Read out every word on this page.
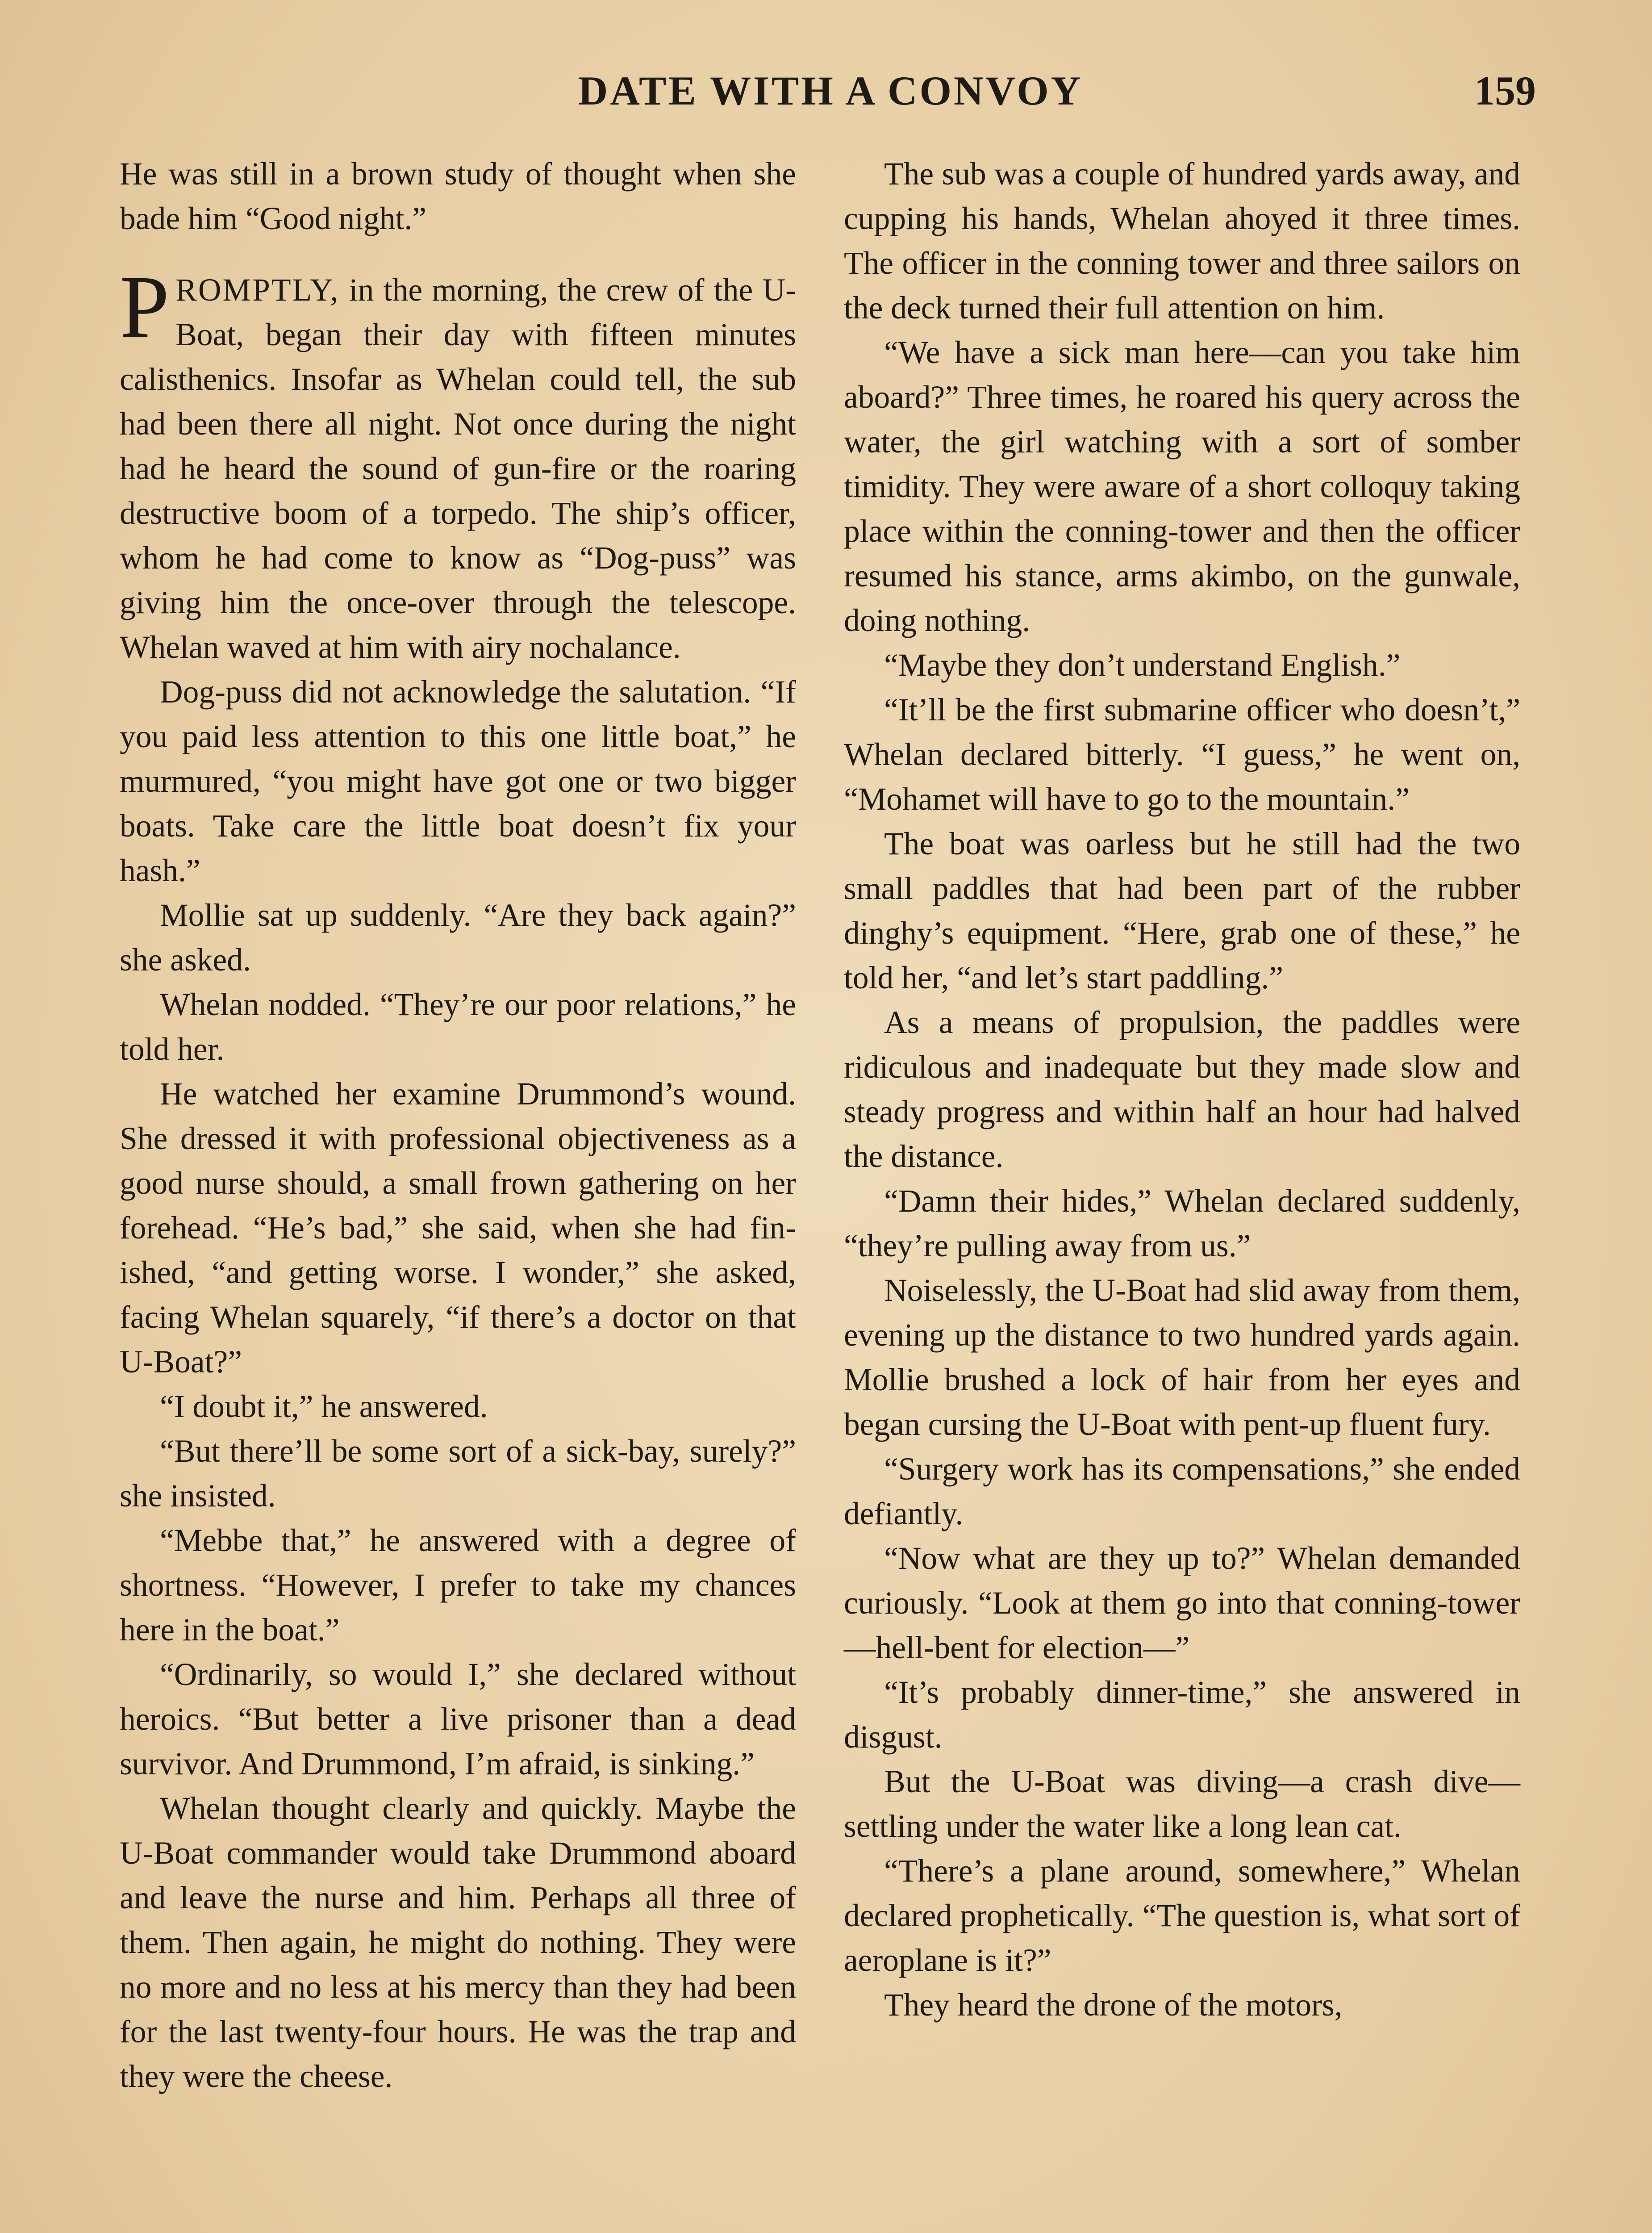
DATE WITH A CONVOY	159

He was still in a brown study of thought when she bade him “Good night.”

PROMPTLY, in the morning, the crew of the U-Boat, began their day with fifteen minutes calisthenics. Insofar as Whelan could tell, the sub had been there all night. Not once during the night had he heard the sound of gun-fire or the roaring destructive boom of a torpedo. The ship’s officer, whom he had come to know as “Dog-puss” was giving him the once-over through the telescope. Whelan waved at him with airy nochalance.

Dog-puss did not acknowledge the salutation. “If you paid less attention to this one little boat,” he murmured, “you might have got one or two bigger boats. Take care the little boat doesn’t fix your hash.”

Mollie sat up suddenly. “Are they back again?” she asked.

Whelan nodded. “They’re our poor relations,” he told her.

He watched her examine Drummond’s wound. She dressed it with professional objectiveness as a good nurse should, a small frown gathering on her forehead. “He’s bad,” she said, when she had finished, “and getting worse. I wonder,” she asked, facing Whelan squarely, “if there’s a doctor on that U-Boat?”

“I doubt it,” he answered.

“But there’ll be some sort of a sick-bay, surely?” she insisted.

“Mebbe that,” he answered with a degree of shortness. “However, I prefer to take my chances here in the boat.”

“Ordinarily, so would I,” she declared without heroics. “But better a live prisoner than a dead survivor. And Drummond, I’m afraid, is sinking.”

Whelan thought clearly and quickly. Maybe the U-Boat commander would take Drummond aboard and leave the nurse and him. Perhaps all three of them. Then again, he might do nothing. They were no more and no less at his mercy than they had been for the last twenty-four hours. He was the trap and they were the cheese.

The sub was a couple of hundred yards away, and cupping his hands, Whelan ahoyed it three times. The officer in the conning tower and three sailors on the deck turned their full attention on him.

“We have a sick man here—can you take him aboard?” Three times, he roared his query across the water, the girl watching with a sort of somber timidity. They were aware of a short colloquy taking place within the conning-tower and then the officer resumed his stance, arms akimbo, on the gunwale, doing nothing.

“Maybe they don’t understand English.”

“It’ll be the first submarine officer who doesn’t,” Whelan declared bitterly. “I guess,” he went on, “Mohamet will have to go to the mountain.”

The boat was oarless but he still had the two small paddles that had been part of the rubber dinghy’s equipment. “Here, grab one of these,” he told her, “and let’s start paddling.”

As a means of propulsion, the paddles were ridiculous and inadequate but they made slow and steady progress and within half an hour had halved the distance.

“Damn their hides,” Whelan declared suddenly, “they’re pulling away from us.”

Noiselessly, the U-Boat had slid away from them, evening up the distance to two hundred yards again. Mollie brushed a lock of hair from her eyes and began cursing the U-Boat with pent-up fluent fury.

“Surgery work has its compensations,” she ended defiantly.

“Now what are they up to?” Whelan demanded curiously. “Look at them go into that conning-tower—hell-bent for election—”

“It’s probably dinner-time,” she answered in disgust.

But the U-Boat was diving—a crash dive—settling under the water like a long lean cat.

“There’s a plane around, somewhere,” Whelan declared prophetically. “The question is, what sort of aeroplane is it?”

They heard the drone of the motors,
